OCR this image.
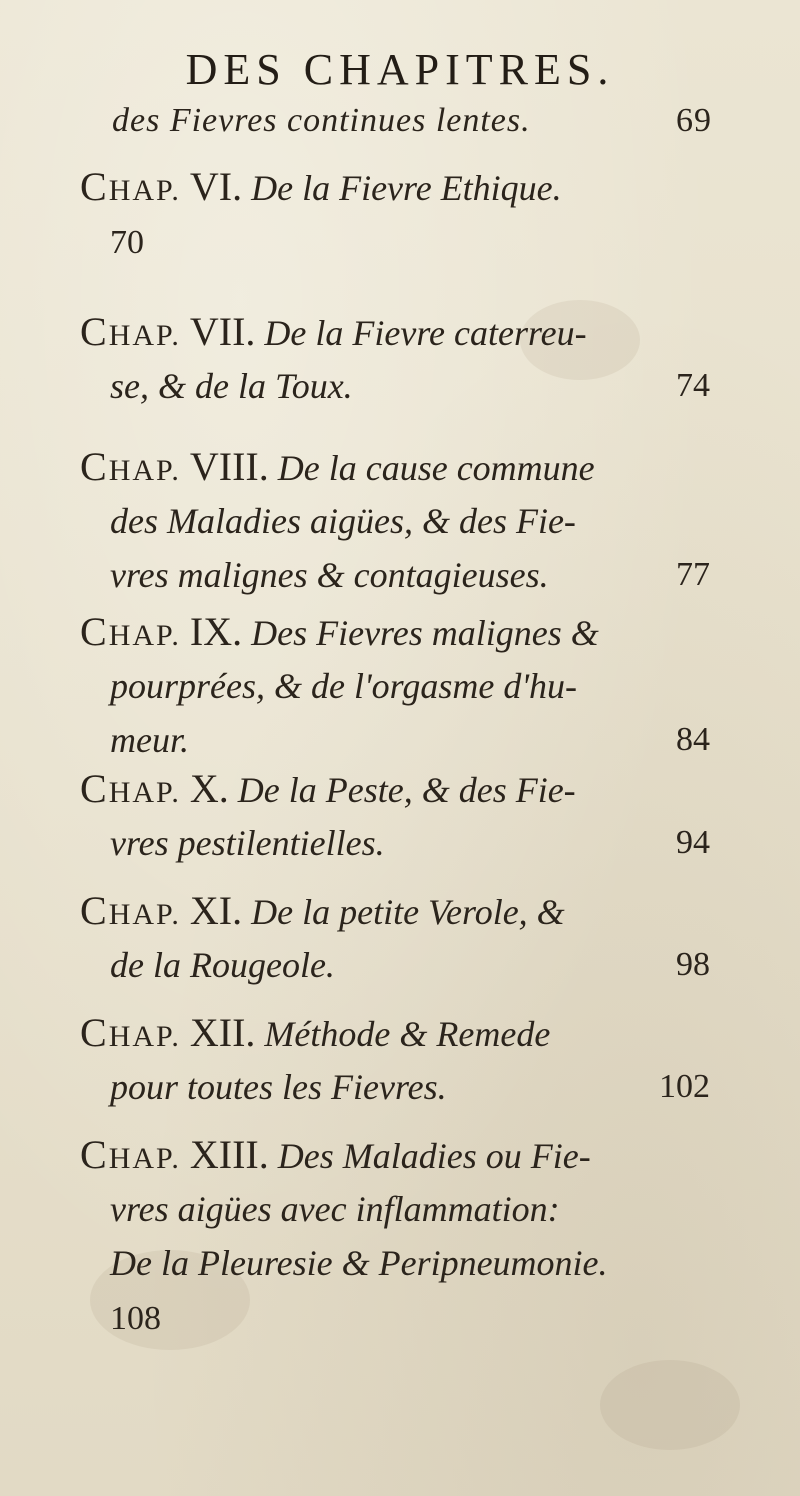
DES CHAPITRES.
des Fievres continues lentes.	69
CHAP. VI. De la Fievre Ethique.
70
CHAP. VII. De la Fievre caterreu-
se, & de la Toux.	74
CHAP. VIII. De la cause commune
des Maladies aigües, & des Fie-
vres malignes & contagieuses.	77
CHAP. IX. Des Fievres malignes &
pourprées, & de l'orgasme d'hu-
meur.	84
CHAP. X. De la Peste, & des Fie-
vres pestilentielles.	94
CHAP. XI. De la petite Verole, &
de la Rougeole.	98
CHAP. XII. Méthode & Remede
pour toutes les Fievres.	102
CHAP. XIII. Des Maladies ou Fie-
vres aigües avec inflammation:
De la Pleuresie & Peripneumonie.
108
